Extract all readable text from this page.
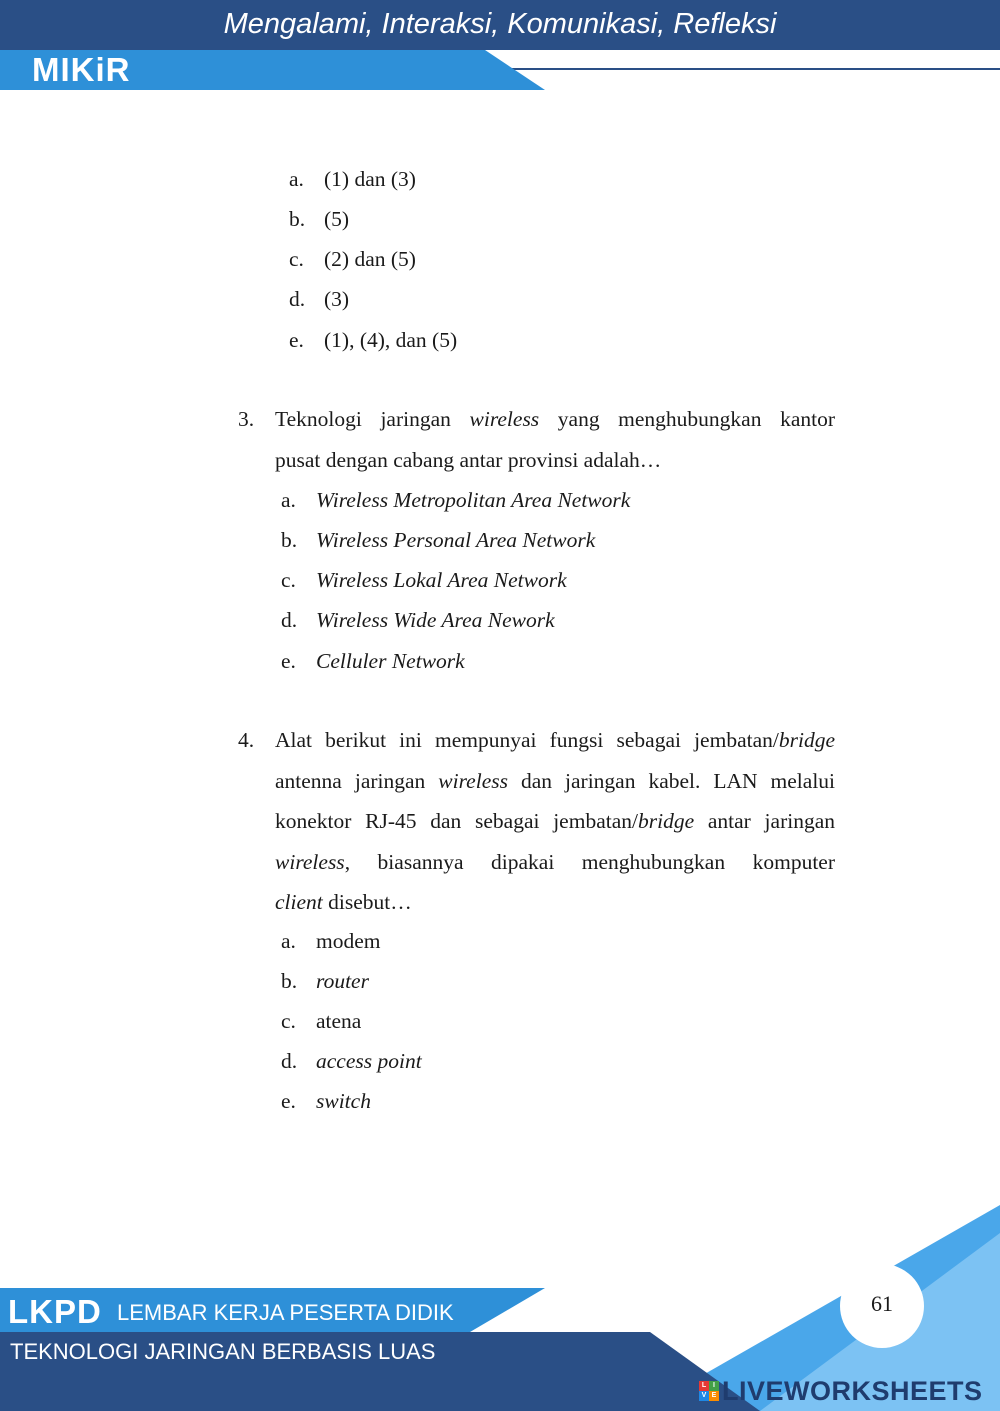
Mengalami, Interaksi, Komunikasi, Refleksi
MIKiR
a. (1) dan (3)
b. (5)
c. (2) dan (5)
d. (3)
e. (1), (4), dan (5)
3. Teknologi jaringan wireless yang menghubungkan kantor
pusat dengan cabang antar provinsi adalah…
a. Wireless Metropolitan Area Network
b. Wireless Personal Area Network
c. Wireless Lokal Area Network
d. Wireless Wide Area Nework
e. Celluler Network
4. Alat berikut ini mempunyai fungsi sebagai jembatan/bridge
antenna jaringan wireless dan jaringan kabel. LAN melalui
konektor RJ-45 dan sebagai jembatan/bridge antar jaringan
wireless, biasannya dipakai menghubungkan komputer
client disebut…
a. modem
b. router
c. atena
d. access point
e. switch
LKPD LEMBAR KERJA PESERTA DIDIK
TEKNOLOGI JARINGAN BERBASIS LUAS
61
L I
V E LIVEWORKSHEETS
